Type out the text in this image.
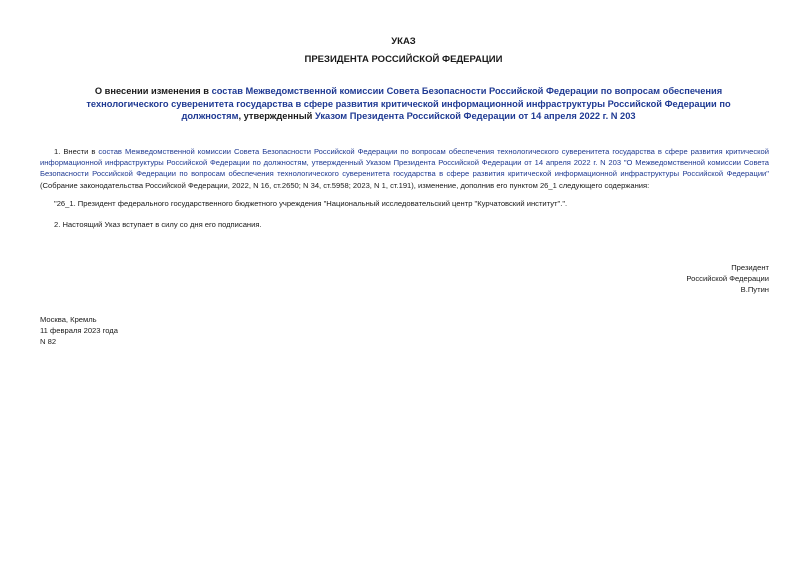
УКАЗ
ПРЕЗИДЕНТА РОССИЙСКОЙ ФЕДЕРАЦИИ
О внесении изменения в состав Межведомственной комиссии Совета Безопасности Российской Федерации по вопросам обеспечения технологического суверенитета государства в сфере развития критической информационной инфраструктуры Российской Федерации по должностям, утвержденный Указом Президента Российской Федерации от 14 апреля 2022 г. N 203
1. Внести в состав Межведомственной комиссии Совета Безопасности Российской Федерации по вопросам обеспечения технологического суверенитета государства в сфере развития критической информационной инфраструктуры Российской Федерации по должностям, утвержденный Указом Президента Российской Федерации от 14 апреля 2022 г. N 203 "О Межведомственной комиссии Совета Безопасности Российской Федерации по вопросам обеспечения технологического суверенитета государства в сфере развития критической информационной инфраструктуры Российской Федерации" (Собрание законодательства Российской Федерации, 2022, N 16, ст.2650; N 34, ст.5958; 2023, N 1, ст.191), изменение, дополнив его пунктом 26_1 следующего содержания:
"26_1. Президент федерального государственного бюджетного учреждения "Национальный исследовательский центр "Курчатовский институт".".
2. Настоящий Указ вступает в силу со дня его подписания.
Президент
Российской Федерации
В.Путин
Москва, Кремль
11 февраля 2023 года
N 82
